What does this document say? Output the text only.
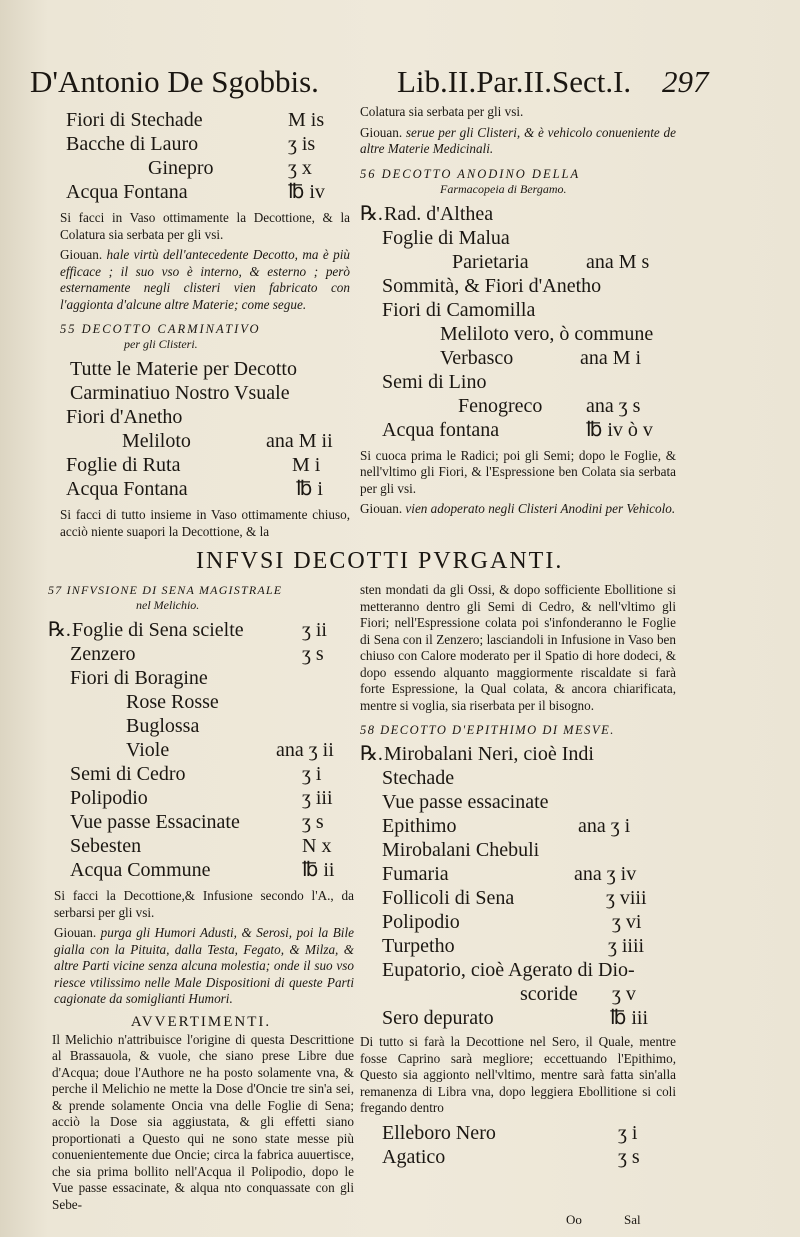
D'Antonio De Sgobbis.	Lib.II.Par.II.Sect.I. 297
Fiori di Stechade	M is
Bacche di Lauro	ʒ is
Ginepro	ʒ x
Acqua Fontana	℔ iv

Si facci in Vaso ottimamente la Decottione, & la Colatura sia serbata per gli vsi.

Giouan. hale virtù dell'antecedente Decotto, ma è più efficace ; il suo vso è interno, & esterno ; però esternamente negli clisteri vien fabricato con l'aggionta d'alcune altre Materie; come segue.

55 DECOTTO CARMINATIVO

per gli Clisteri.

Tutte le Materie per Decotto Carminatiuo Nostro Vsuale
Fiori d'Anetho
Meliloto	ana M ii
Foglie di Ruta	M i
Acqua Fontana	℔ i

Si facci di tutto insieme in Vaso ottimamente chiuso, acciò niente suapori la Decottione, & la

Colatura sia serbata per gli vsi.

Giouan. serue per gli Clisteri, & è vehicolo conueniente de altre Materie Medicinali.

56 DECOTTO ANODINO DELLA

Farmacopeia di Bergamo.

℞. Rad. d'Althea
Foglie di Malua
Parietaria	ana M s
Sommità, & Fiori d'Anetho
Fiori di Camomilla
Meliloto vero, ò commune
Verbasco	ana M i
Semi di Lino
Fenogreco ana ʒ s
Acqua fontana	℔ iv ò v

Si cuoca prima le Radici; poi gli Semi; dopo le Foglie, & nell'vltimo gli Fiori, & l'Espressione ben Colata sia serbata per gli vsi.

Giouan. vien adoperato negli Clisteri Anodini per Vehicolo.

INFVSI DECOTTI PVRGANTI.

57 INFVSIONE DI SENA MAGISTRALE

nel Melichio.

℞. Foglie di Sena scielte	ʒ ii
Zenzero	ʒ s
Fiori di Boragine
Rose Rosse
Buglossa
Viole	ana ʒ ii
Semi di Cedro	ʒ i
Polipodio	ʒ iii
Vue passe Essacinate	ʒ s
Sebesten	N x
Acqua Commune	℔ ii

Si facci la Decottione,& Infusione secondo l'A., da serbarsi per gli vsi.

Giouan. purga gli Humori Adusti, & Serosi, poi la Bile gialla con la Pituita, dalla Testa, Fegato, & Milza, & altre Parti vicine senza alcuna molestia; onde il suo vso riesce vtilissimo nelle Male Dispositioni di queste Parti cagionate da somiglianti Humori.

AVVERTIMENTI.

Il Melichio n'attribuisce l'origine di questa Descrittione al Brassauola, & vuole, che siano prese Libre due d'Acqua; doue l'Authore ne ha posto solamente vna, & perche il Melichio ne mette la Dose d'Oncie tre sin'a sei, & prende solamente Oncia vna delle Foglie di Sena; acciò la Dose sia aggiustata, & gli effetti siano proportionati a Questo qui ne sono state messe più conuenientemente due Oncie; circa la fabrica auuertisce, che sia prima bollito nell'Acqua il Polipodio, dopo le Vue passe essacinate, & alqua nto conquassate con gli Sebe-

sten mondati da gli Ossi, & dopo sofficiente Ebollitione si metteranno dentro gli Semi di Cedro, & nell'vltimo gli Fiori; nell'Espressione colata poi s'infonderanno le Foglie di Sena con il Zenzero; lasciandoli in Infusione in Vaso ben chiuso con Calore moderato per il Spatio di hore dodeci, & dopo essendo alquanto maggiormente riscaldate si farà forte Espressione, la Qual colata, & ancora chiarificata, mentre si voglia, sia riserbata per il bisogno.

58 DECOTTO D'EPITHIMO DI MESVE.

℞. Mirobalani Neri, cioè Indi
Stechade
Vue passe essacinate
Epithimo	ana ʒ i
Mirobalani Chebuli
Fumaria	ana ʒ iv
Follicoli di Sena	ʒ viii
Polipodio	ʒ vi
Turpetho	ʒ iiii
Eupatorio, cioè Agerato di Dio-
scoride ʒ v
Sero depurato	℔ iii

Di tutto si farà la Decottione nel Sero, il Quale, mentre fosse Caprino sarà megliore; eccettuando l'Epithimo, Questo sia aggionto nell'vltimo, mentre sarà fatta sin'alla remanenza di Libra vna, dopo leggiera Ebollitione si coli fregando dentro

Elleboro Nero	ʒ i
Agatico	ʒ s
Oo	Sal
